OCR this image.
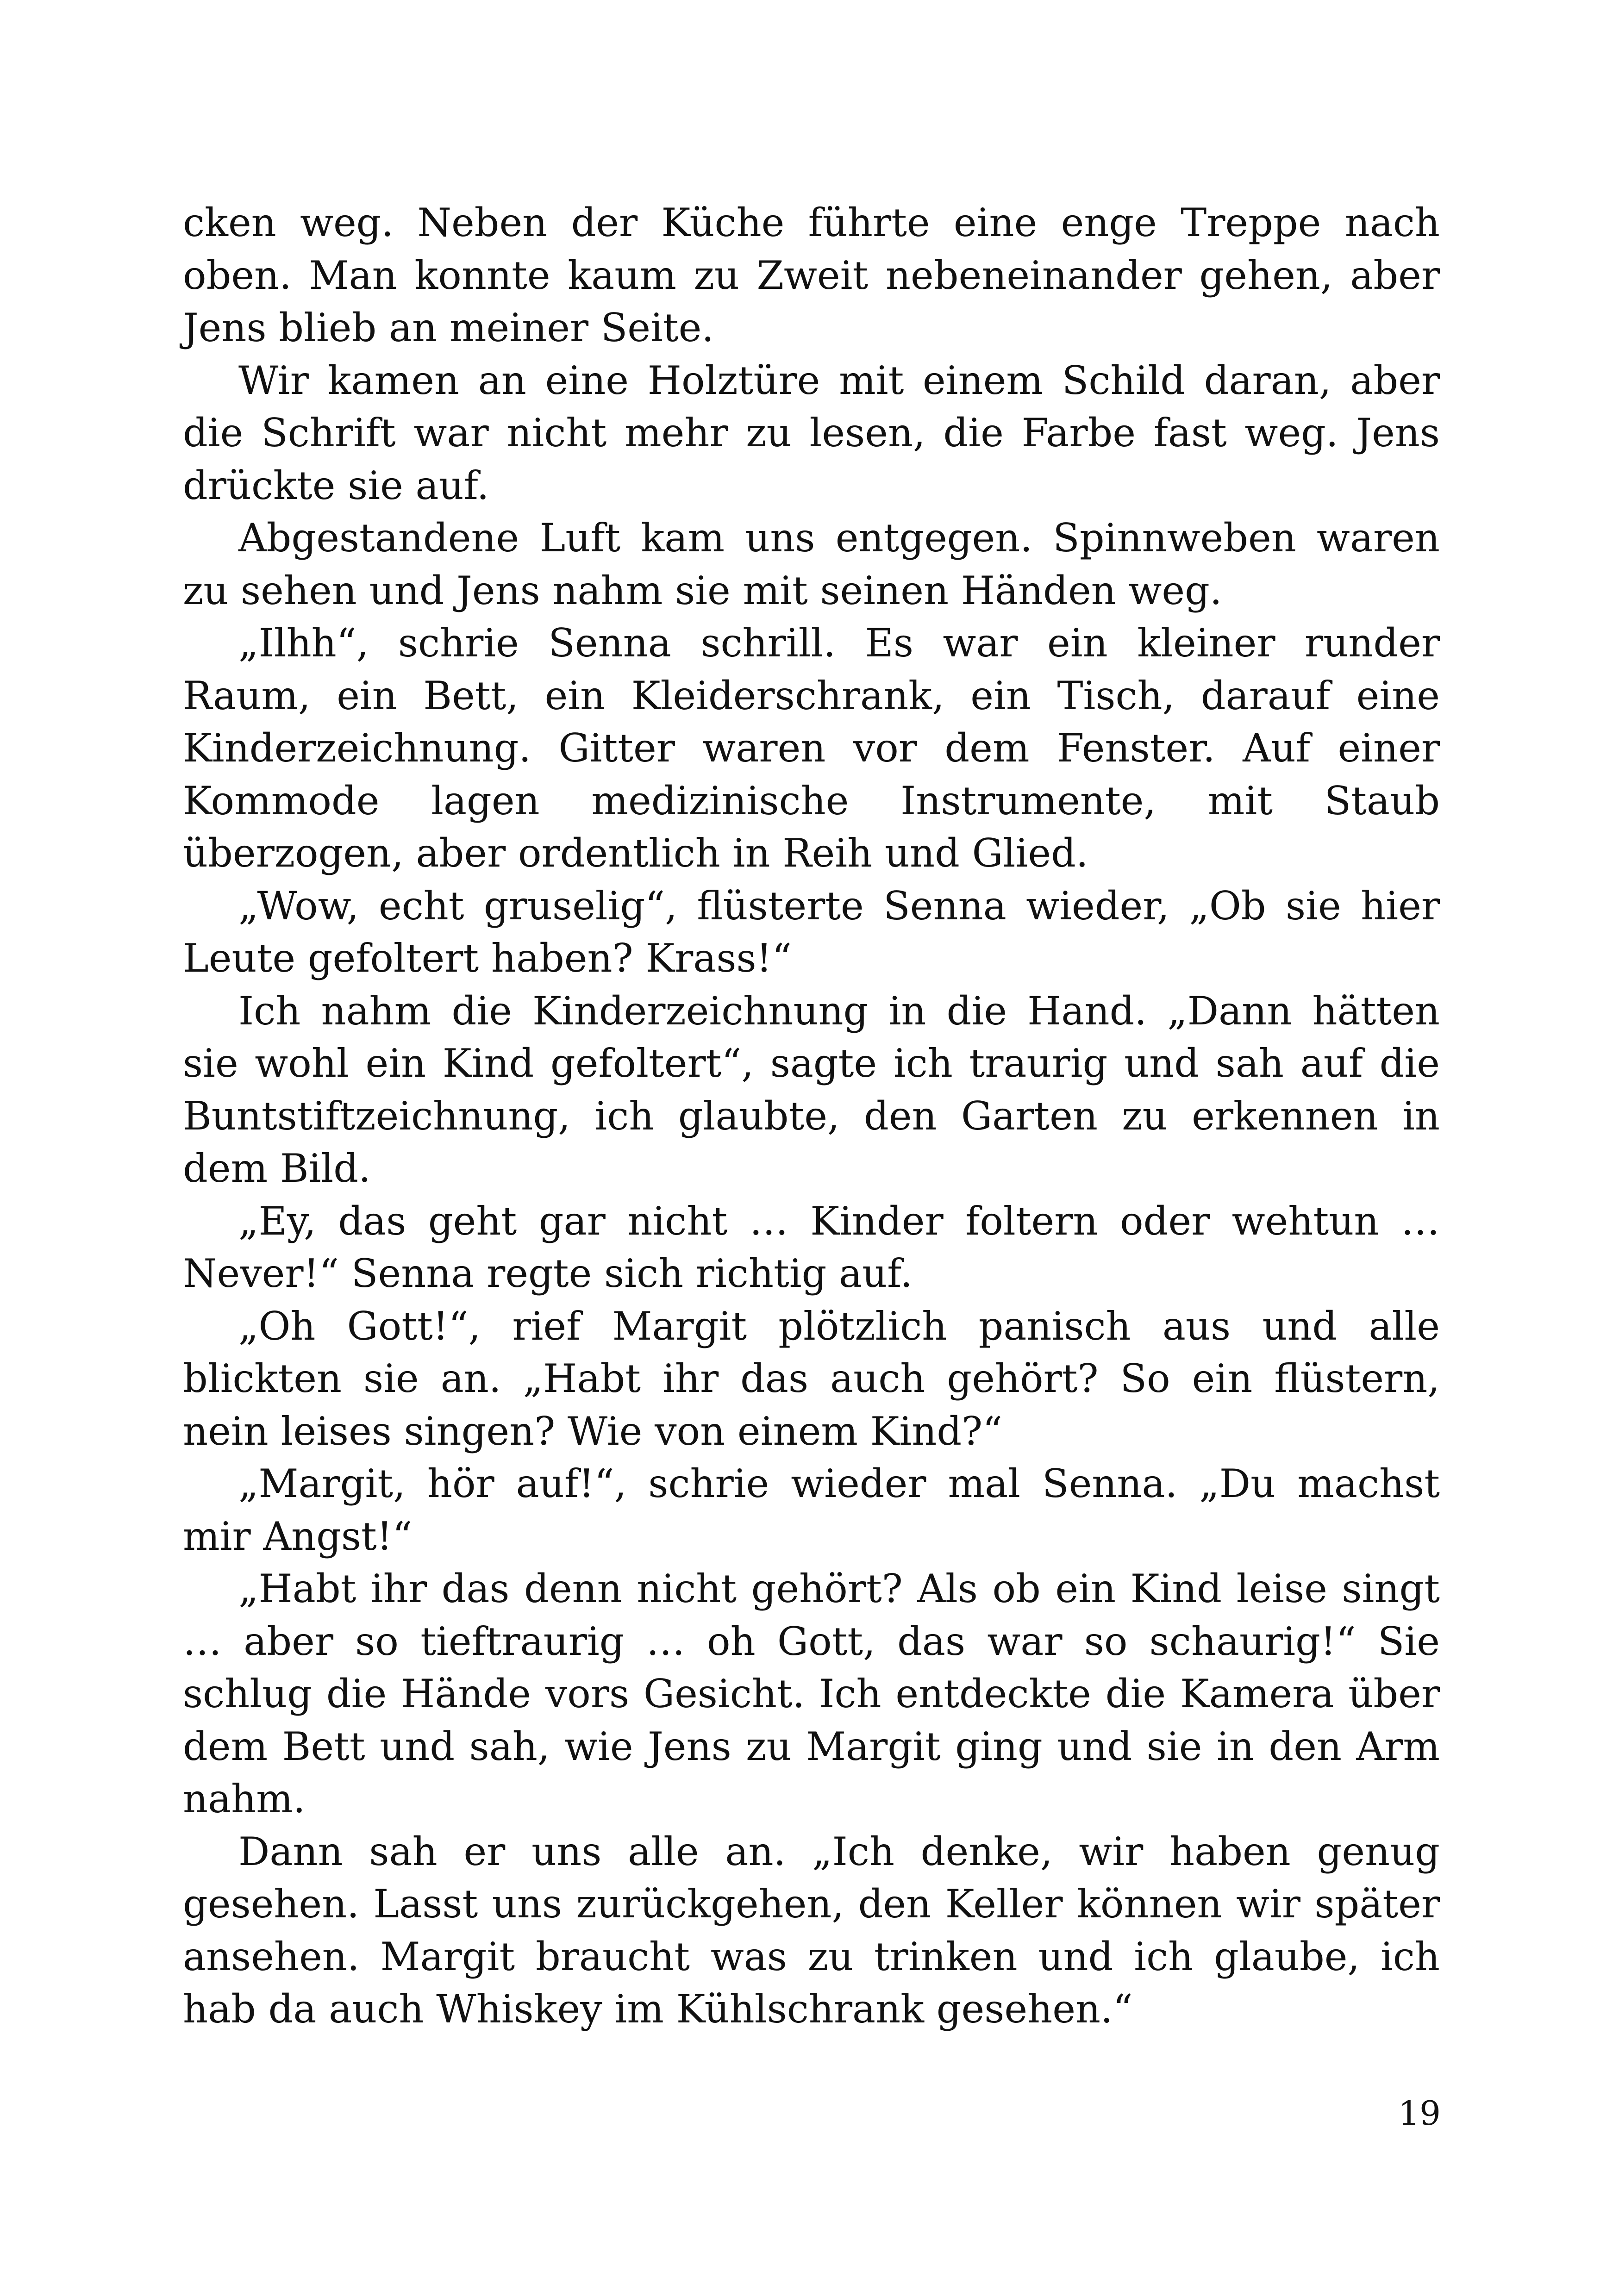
cken weg. Neben der Küche führte eine enge Treppe nach oben. Man konnte kaum zu Zweit nebeneinander gehen, aber Jens blieb an meiner Seite.

Wir kamen an eine Holztüre mit einem Schild daran, aber die Schrift war nicht mehr zu lesen, die Farbe fast weg. Jens drückte sie auf.

Abgestandene Luft kam uns entgegen. Spinnweben waren zu sehen und Jens nahm sie mit seinen Händen weg.

„Ilhh“, schrie Senna schrill. Es war ein kleiner runder Raum, ein Bett, ein Kleiderschrank, ein Tisch, darauf eine Kinderzeichnung. Gitter waren vor dem Fenster. Auf einer Kommode lagen medizinische Instrumente, mit Staub überzogen, aber ordentlich in Reih und Glied.

„Wow, echt gruselig“, flüsterte Senna wieder, „Ob sie hier Leute gefoltert haben? Krass!“

Ich nahm die Kinderzeichnung in die Hand. „Dann hätten sie wohl ein Kind gefoltert“, sagte ich traurig und sah auf die Buntstiftzeichnung, ich glaubte, den Garten zu erkennen in dem Bild.

„Ey, das geht gar nicht … Kinder foltern oder wehtun … Never!“ Senna regte sich richtig auf.

„Oh Gott!“, rief Margit plötzlich panisch aus und alle blickten sie an. „Habt ihr das auch gehört? So ein flüstern, nein leises singen? Wie von einem Kind?“

„Margit, hör auf!“, schrie wieder mal Senna. „Du machst mir Angst!“

„Habt ihr das denn nicht gehört? Als ob ein Kind leise singt … aber so tieftraurig … oh Gott, das war so schaurig!“ Sie schlug die Hände vors Gesicht. Ich entdeckte die Kamera über dem Bett und sah, wie Jens zu Margit ging und sie in den Arm nahm.

Dann sah er uns alle an. „Ich denke, wir haben genug gesehen. Lasst uns zurückgehen, den Keller können wir später ansehen. Margit braucht was zu trinken und ich glaube, ich hab da auch Whiskey im Kühlschrank gesehen.“

19
